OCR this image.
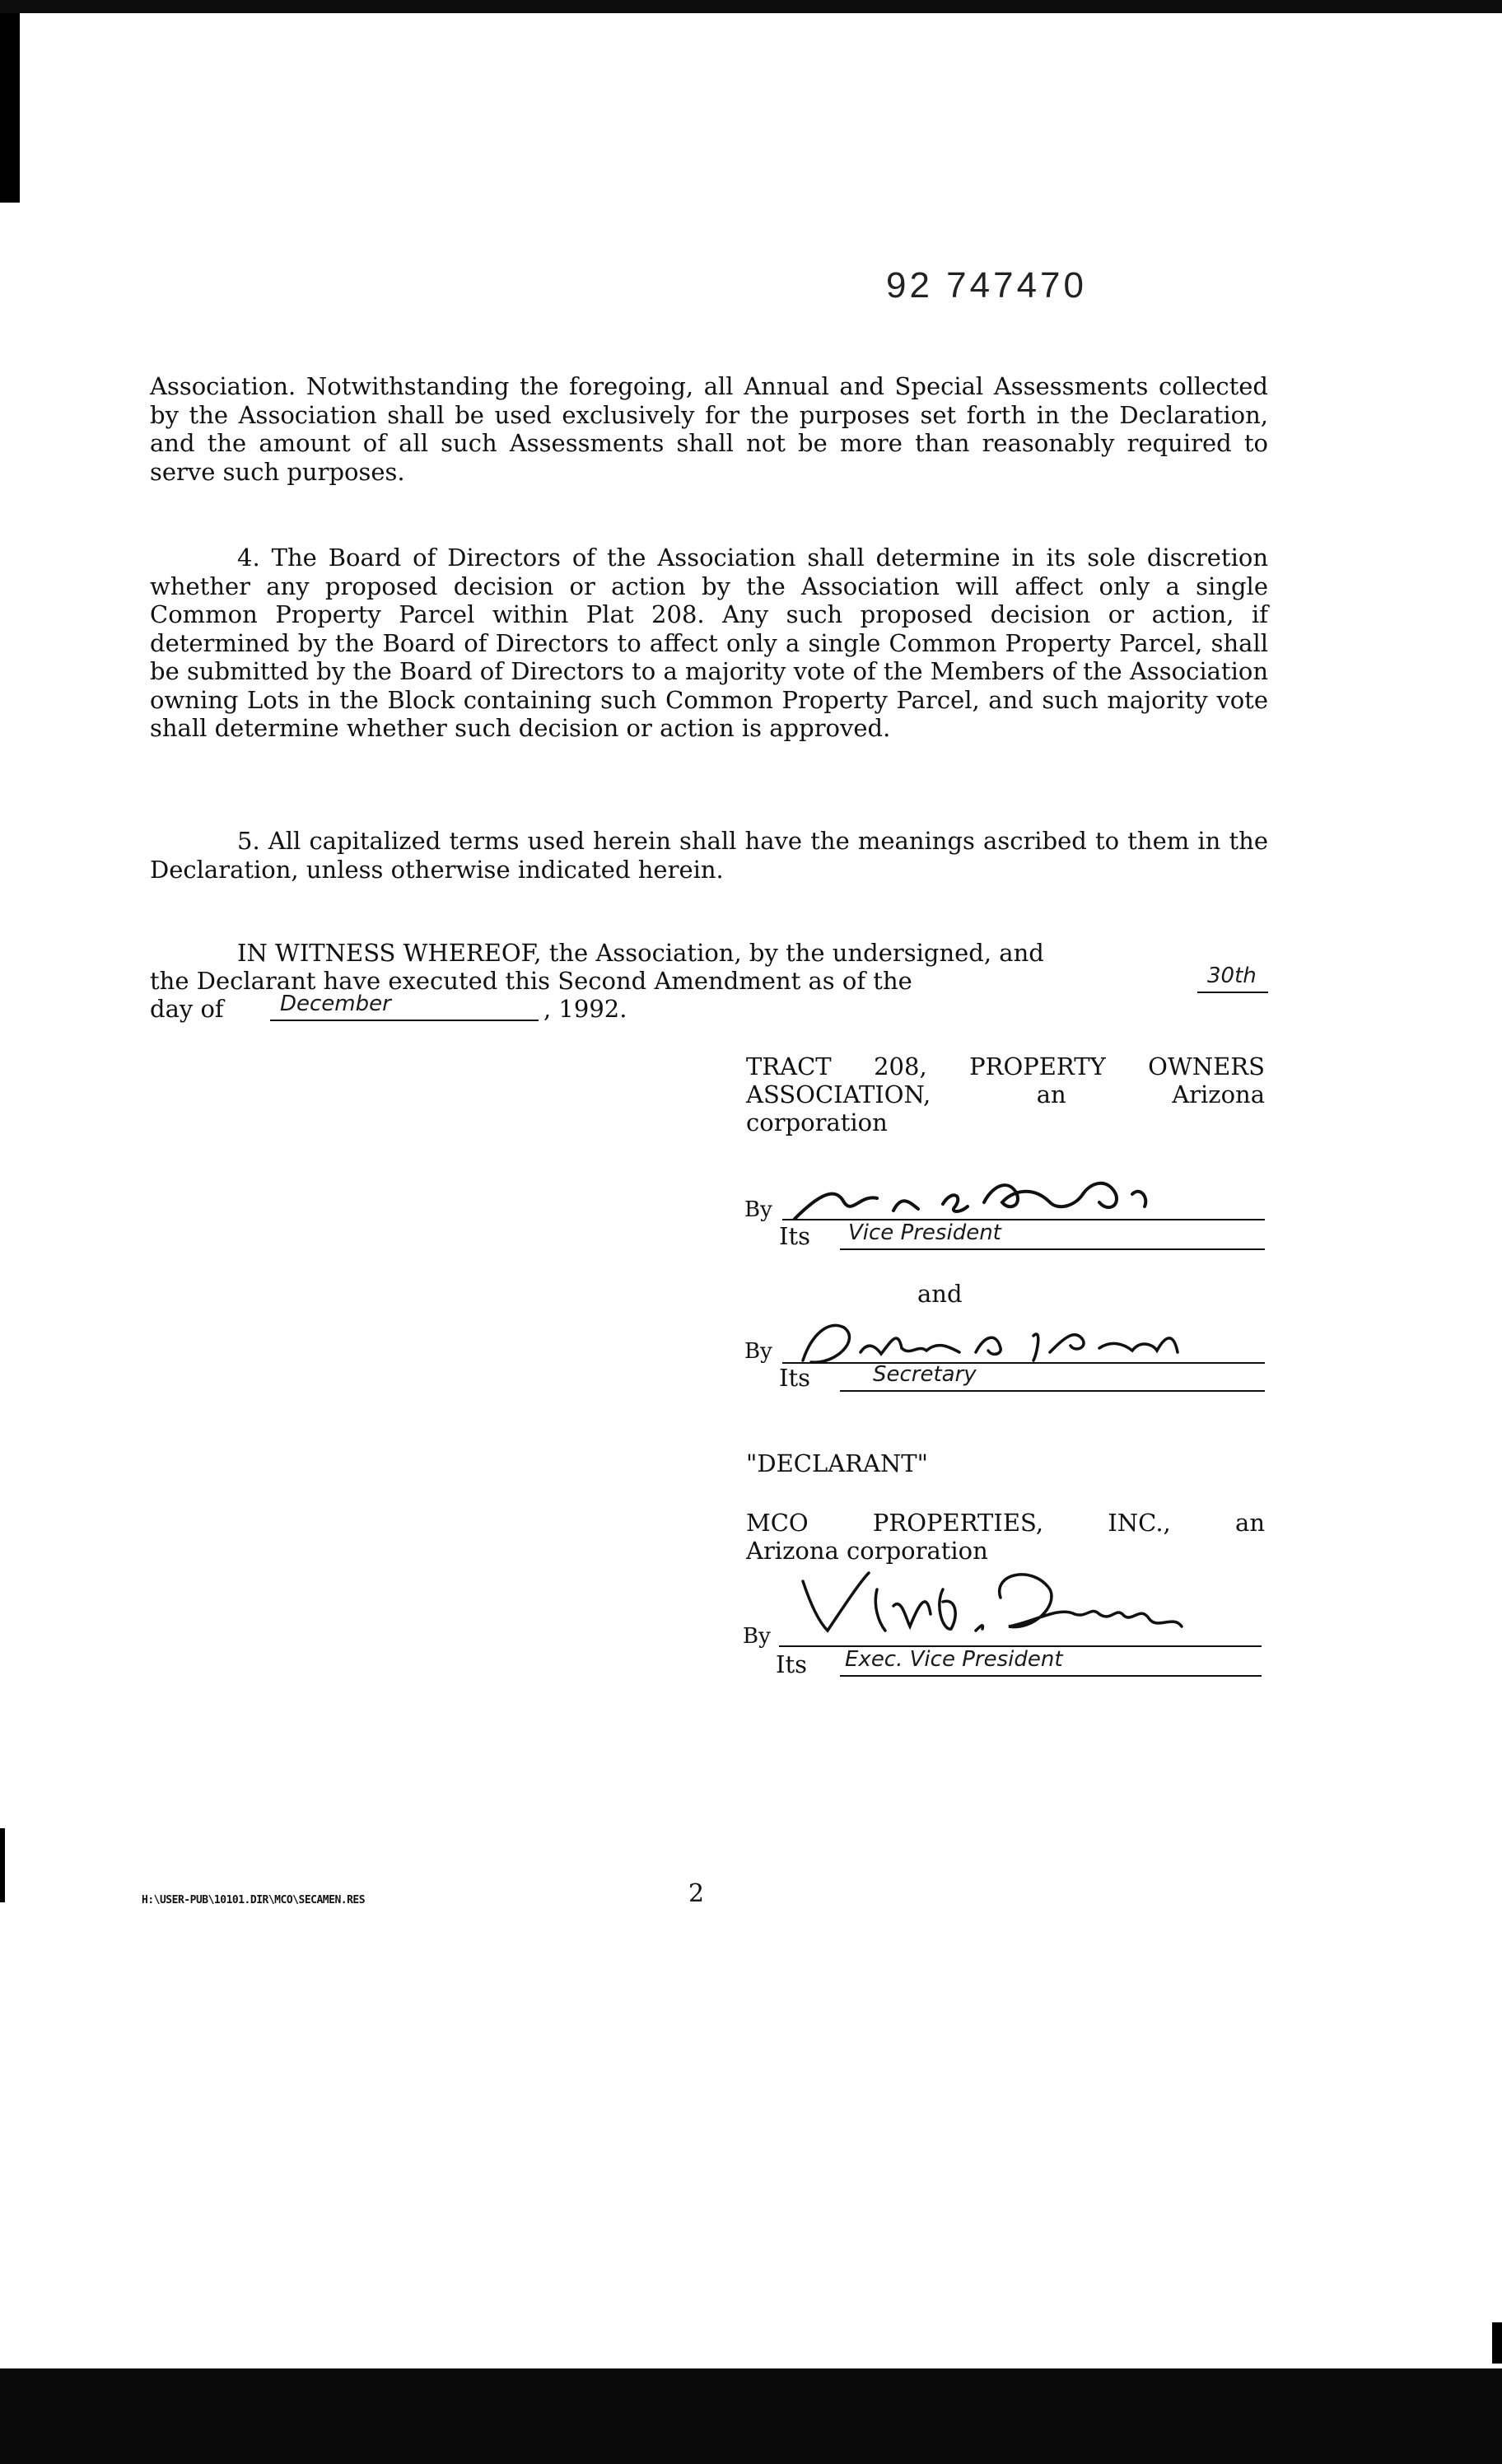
92 747470

Association. Notwithstanding the foregoing, all Annual and Special Assessments collected by the Association shall be used exclusively for the purposes set forth in the Declaration, and the amount of all such Assessments shall not be more than reasonably required to serve such purposes.

4. The Board of Directors of the Association shall determine in its sole discretion whether any proposed decision or action by the Association will affect only a single Common Property Parcel within Plat 208. Any such proposed decision or action, if determined by the Board of Directors to affect only a single Common Property Parcel, shall be submitted by the Board of Directors to a majority vote of the Members of the Association owning Lots in the Block containing such Common Property Parcel, and such majority vote shall determine whether such decision or action is approved.

5. All capitalized terms used herein shall have the meanings ascribed to them in the Declaration, unless otherwise indicated herein.

IN WITNESS WHEREOF, the Association, by the undersigned, and
the Declarant have executed this Second Amendment as of the	30th
day of	December	, 1992.
TRACT 208, PROPERTY OWNERS
ASSOCIATION, an Arizona
corporation
By
Its Vice President
and
By
Its	Secretary
"DECLARANT"
MCO PROPERTIES, INC., an
Arizona corporation
By
Its Exec. Vice President
H:\USER-PUB\10101.DIR\MCO\SECAMEN.RES	2
